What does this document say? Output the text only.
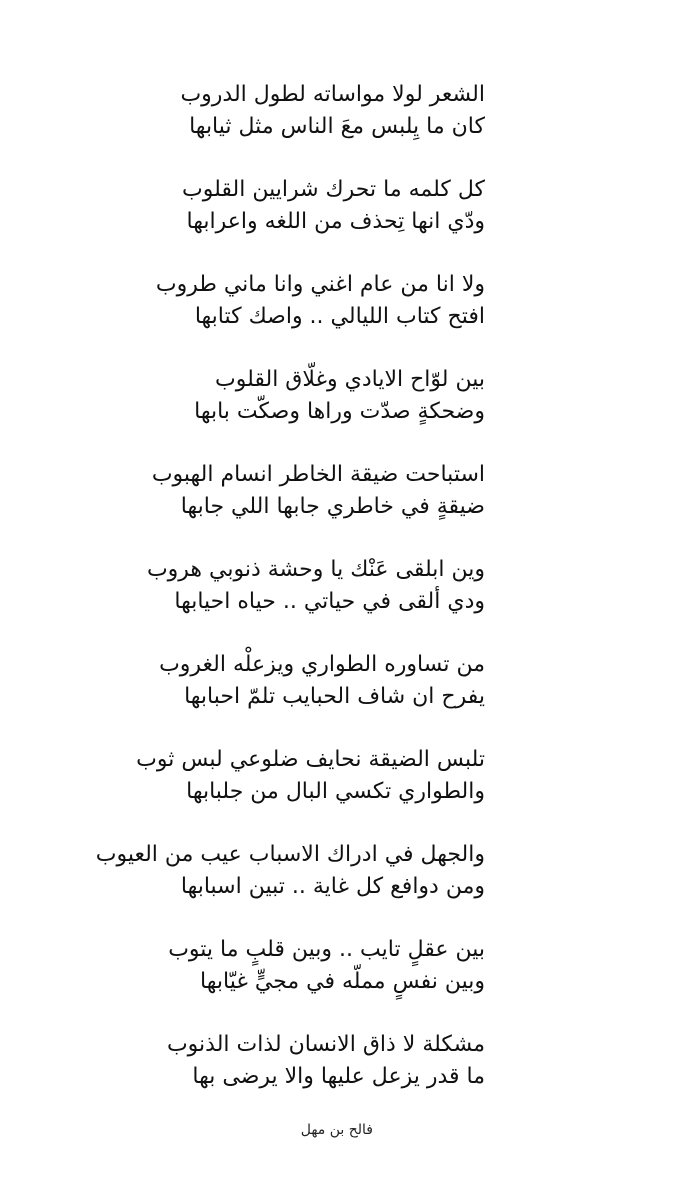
الشعر لولا مواساته لطول الدروب
كان ما يِلبس معَ الناس مثل ثيابها
كل كلمه ما تحرك شرايين القلوب
ودّي انها تِحذف من اللغه واعرابها
ولا انا من عام اغني وانا ماني طروب
افتح كتاب الليالي .. واصك كتابها
بين لوّاح الايادي وغلّاق القلوب
وضحكةٍ صدّت وراها وصكّت بابها
استباحت ضيقة الخاطر انسام الهبوب
ضيقةٍ في خاطري جابها اللي جابها
وين ابلقى عَنْك يا وحشة ذنوبي هروب
ودي ألقى في حياتي .. حياه احيابها
من تساوره الطواري ويزعلْه الغروب
يفرح ان شاف الحبايب تلمّ احبابها
تلبس الضيقة نحايف ضلوعي لبس ثوب
والطواري تكسي البال من جلبابها
والجهل في ادراك الاسباب عيب من العيوب
ومن دوافع كل غاية .. تبين اسبابها
بين عقلٍ تايب .. وبين قلبٍ ما يتوب
وبين نفسٍ مملّه في مجيٍّ غيّابها
مشكلة لا ذاق الانسان لذات الذنوب
ما قدر يزعل عليها والا يرضى بها
فالح بن مهل
